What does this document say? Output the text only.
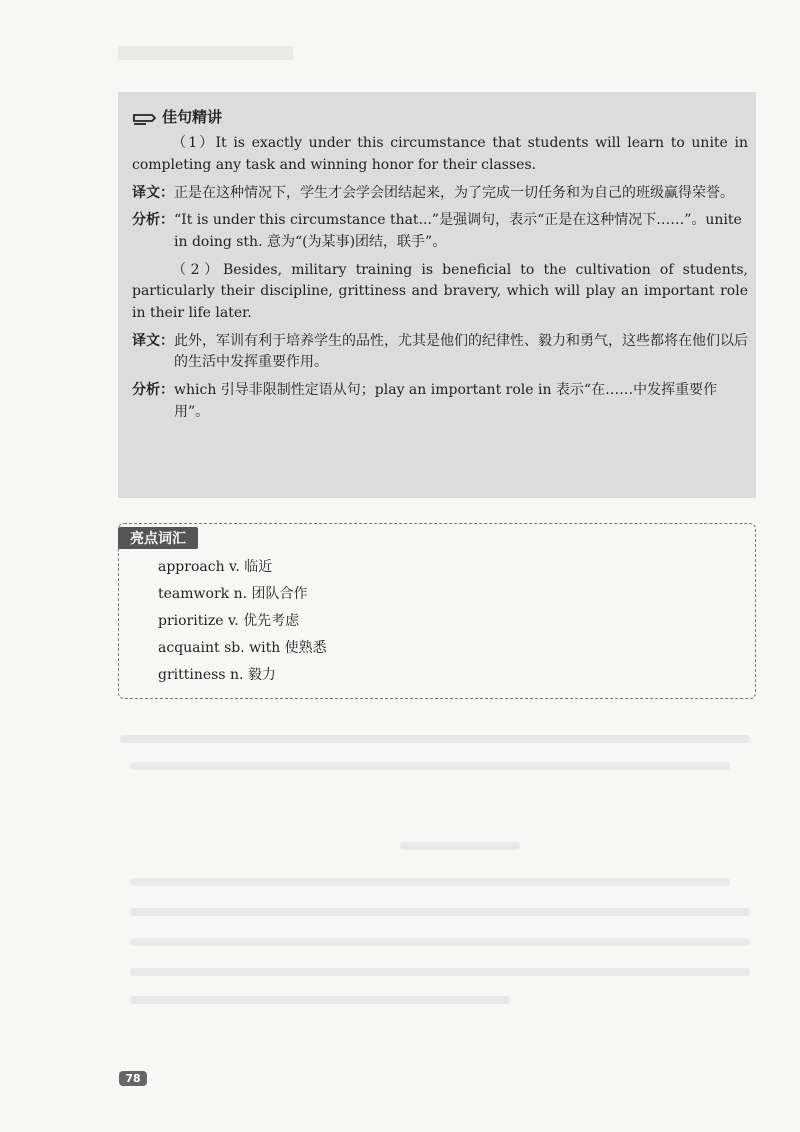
佳句精讲
（1）It is exactly under this circumstance that students will learn to unite in completing any task and winning honor for their classes.
译文： 正是在这种情况下，学生才会学会团结起来，为了完成一切任务和为自己的班级赢得荣誉。
分析： “It is under this circumstance that...”是强调句，表示“正是在这种情况下……”。unite in doing sth. 意为“(为某事)团结，联手”。
（2）Besides, military training is beneficial to the cultivation of students, particularly their discipline, grittiness and bravery, which will play an important role in their life later.
译文： 此外，军训有利于培养学生的品性，尤其是他们的纪律性、毅力和勇气，这些都将在他们以后的生活中发挥重要作用。
分析： which 引导非限制性定语从句；play an important role in 表示“在……中发挥重要作用”。
亮点词汇
approach v. 临近
teamwork n. 团队合作
prioritize v. 优先考虑
acquaint sb. with 使熟悉
grittiness n. 毅力
78
